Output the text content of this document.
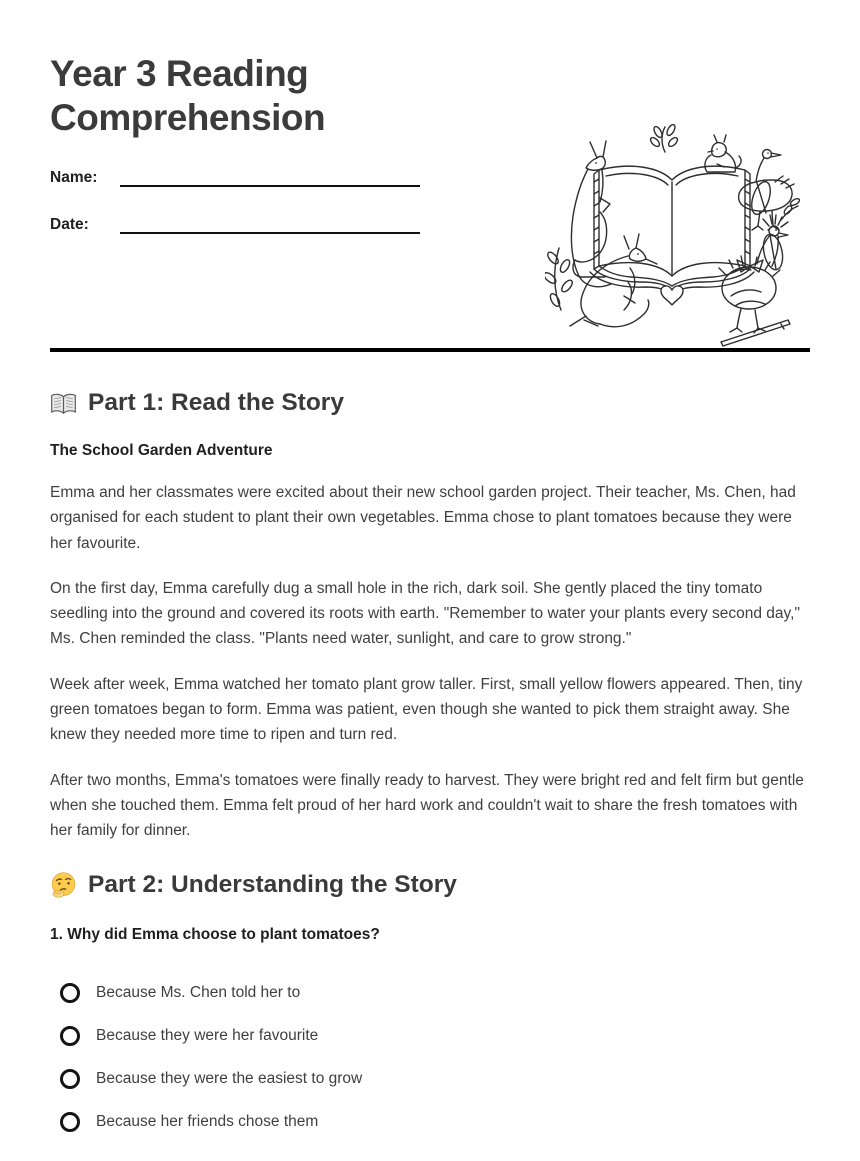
Year 3 Reading Comprehension
Name:
Date:
Part 1: Read the Story

The School Garden Adventure

Emma and her classmates were excited about their new school garden project. Their teacher, Ms. Chen, had organised for each student to plant their own vegetables. Emma chose to plant tomatoes because they were her favourite.

On the first day, Emma carefully dug a small hole in the rich, dark soil. She gently placed the tiny tomato seedling into the ground and covered its roots with earth. "Remember to water your plants every second day," Ms. Chen reminded the class. "Plants need water, sunlight, and care to grow strong."

Week after week, Emma watched her tomato plant grow taller. First, small yellow flowers appeared. Then, tiny green tomatoes began to form. Emma was patient, even though she wanted to pick them straight away. She knew they needed more time to ripen and turn red.

After two months, Emma's tomatoes were finally ready to harvest. They were bright red and felt firm but gentle when she touched them. Emma felt proud of her hard work and couldn't wait to share the fresh tomatoes with her family for dinner.

Part 2: Understanding the Story

1. Why did Emma choose to plant tomatoes?

Because Ms. Chen told her to
Because they were her favourite
Because they were the easiest to grow
Because her friends chose them
